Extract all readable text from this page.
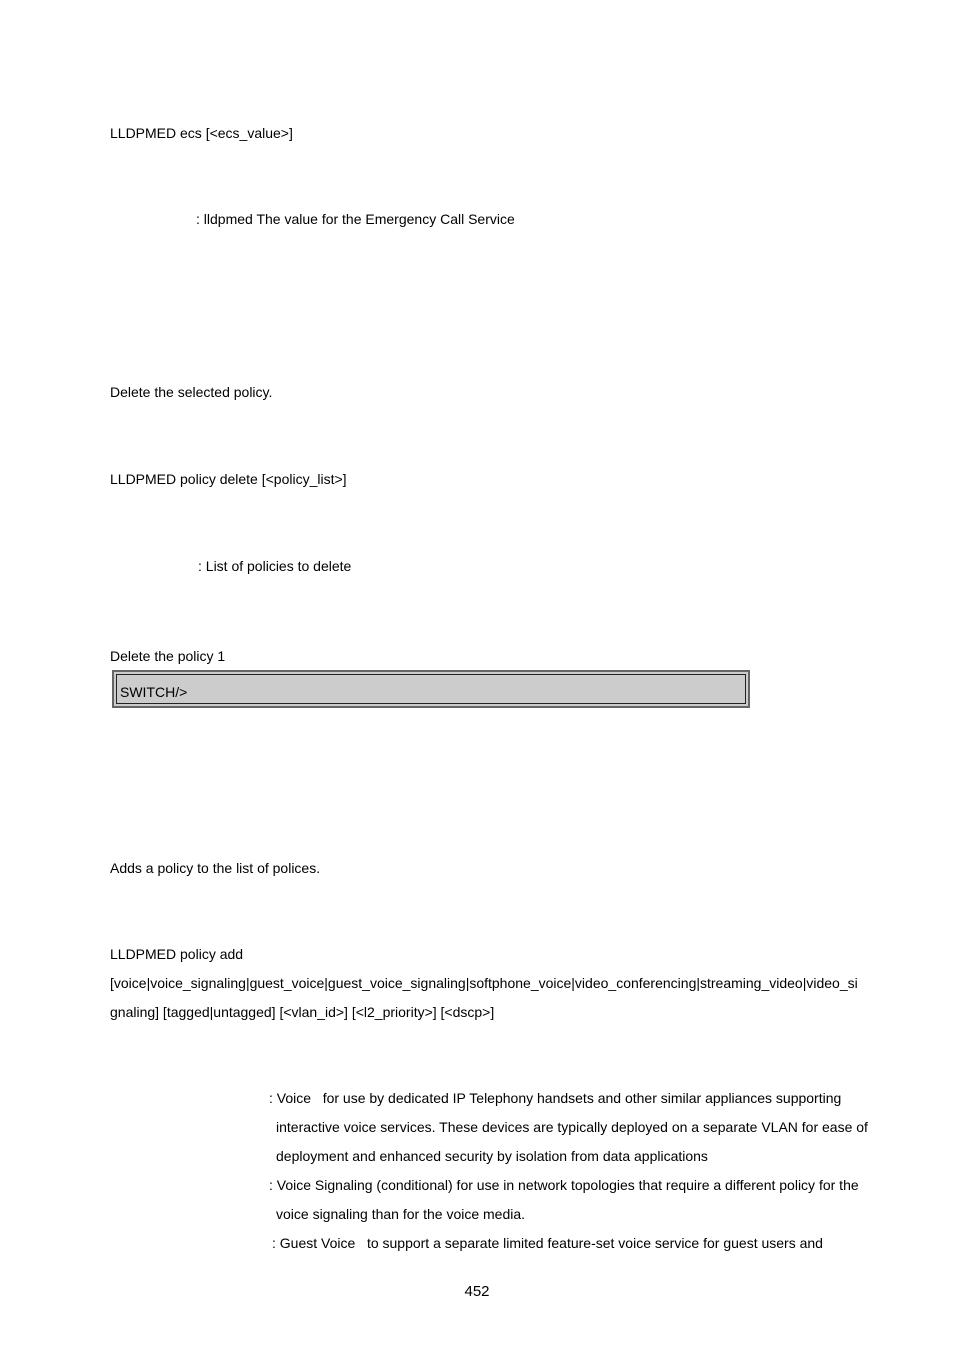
LLDPMED ecs [<ecs_value>]
: lldpmed The value for the Emergency Call Service
Delete the selected policy.
LLDPMED policy delete [<policy_list>]
: List of policies to delete
Delete the policy 1
SWITCH/>
Adds a policy to the list of polices.
LLDPMED policy add
[voice|voice_signaling|guest_voice|guest_voice_signaling|softphone_voice|video_conferencing|streaming_video|video_si
gnaling] [tagged|untagged] [<vlan_id>] [<l2_priority>] [<dscp>]
: Voice   for use by dedicated IP Telephony handsets and other similar appliances supporting
interactive voice services. These devices are typically deployed on a separate VLAN for ease of
deployment and enhanced security by isolation from data applications
: Voice Signaling (conditional) for use in network topologies that require a different policy for the
voice signaling than for the voice media.
: Guest Voice   to support a separate limited feature-set voice service for guest users and
452
